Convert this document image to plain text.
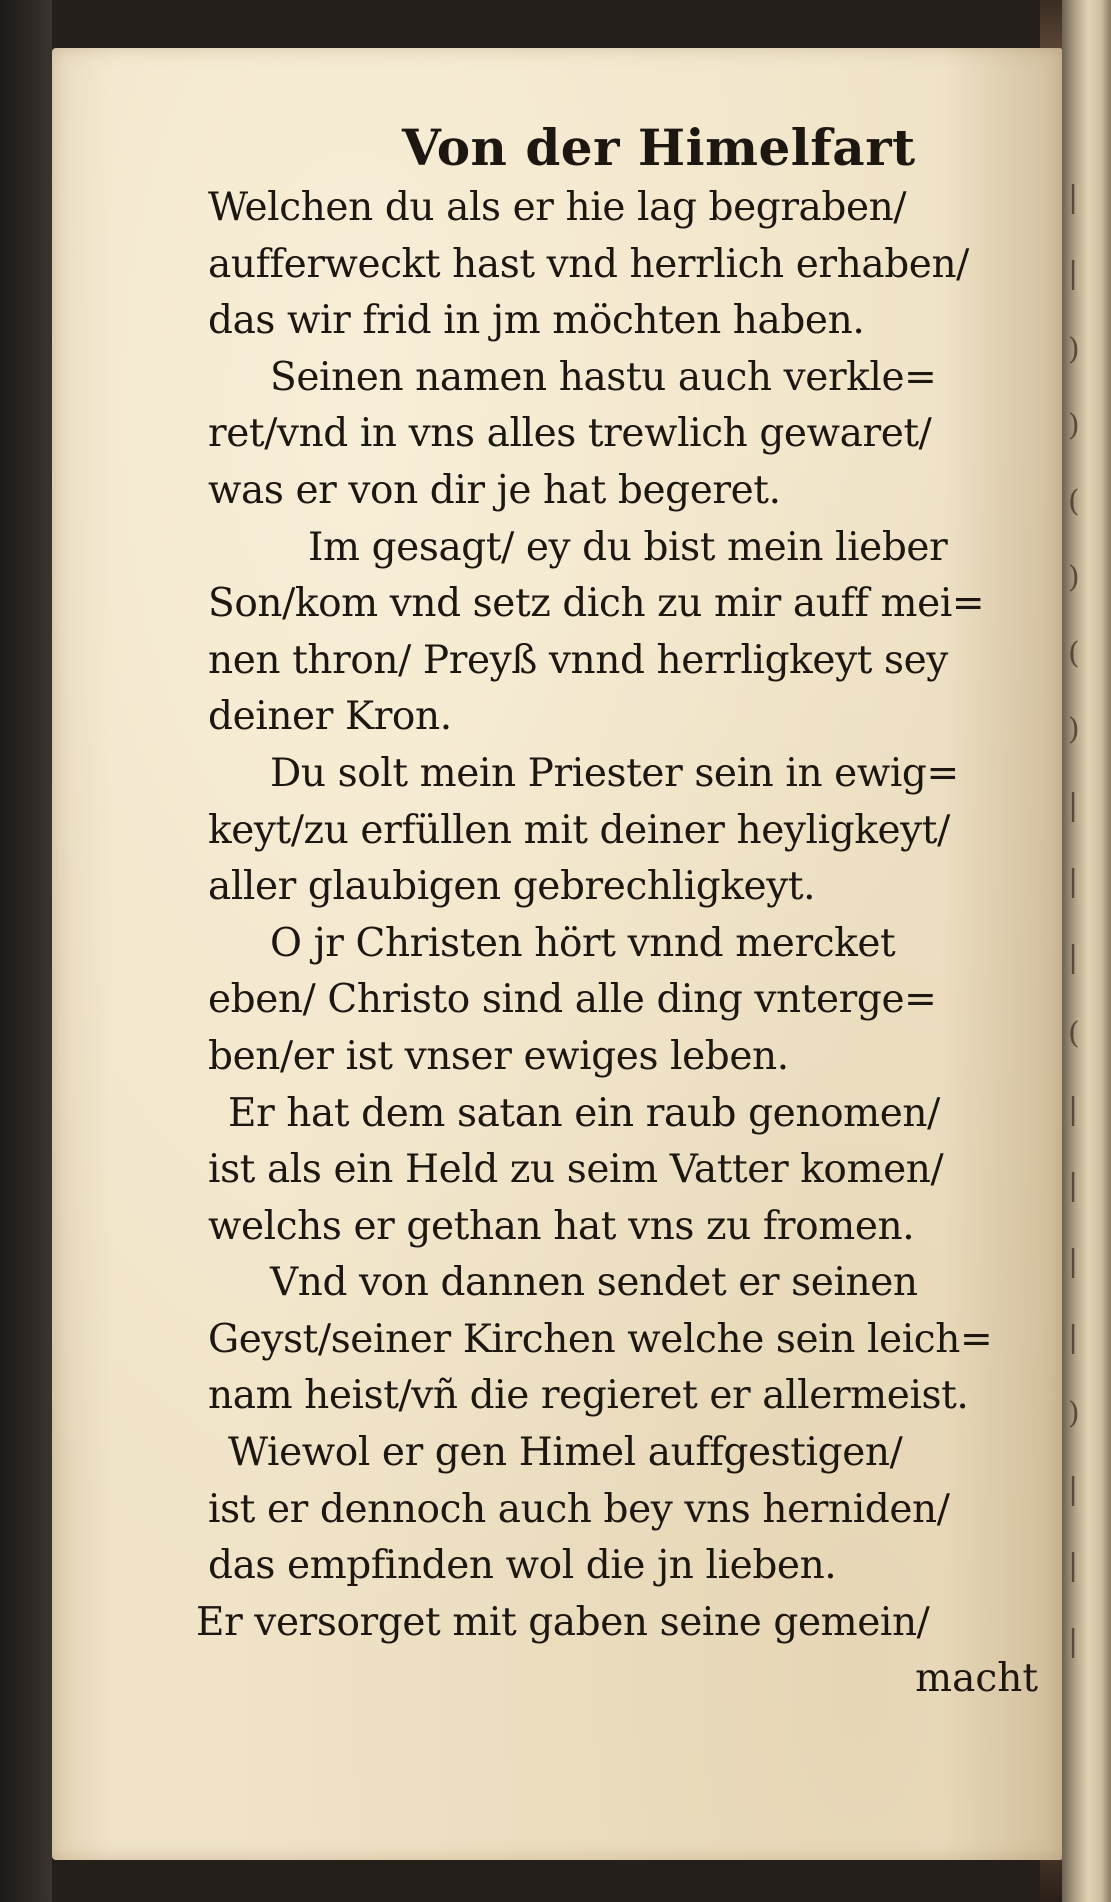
|
|
)
)
(
)
(
)
|
|
|
(
|
|
|
|
)
|
|
|
Von der Himelfart
Welchen du als er hie lag begraben/
aufferweckt hast vnd herrlich erhaben/
das wir frid in jm möchten haben.
Seinen namen hastu auch verkle=
ret/vnd in vns alles trewlich gewaret/
was er von dir je hat begeret.
Im gesagt/ ey du bist mein lieber
Son/kom vnd setz dich zu mir auff mei=
nen thron/ Preyß vnnd herrligkeyt sey
deiner Kron.
Du solt mein Priester sein in ewig=
keyt/zu erfüllen mit deiner heyligkeyt/
aller glaubigen gebrechligkeyt.
O jr Christen hört vnnd mercket
eben/ Christo sind alle ding vnterge=
ben/er ist vnser ewiges leben.
Er hat dem satan ein raub genomen/
ist als ein Held zu seim Vatter komen/
welchs er gethan hat vns zu fromen.
Vnd von dannen sendet er seinen
Geyst/seiner Kirchen welche sein leich=
nam heist/vñ die regieret er allermeist.
Wiewol er gen Himel auffgestigen/
ist er dennoch auch bey vns herniden/
das empfinden wol die jn lieben.
Er versorget mit gaben seine gemein/
macht
